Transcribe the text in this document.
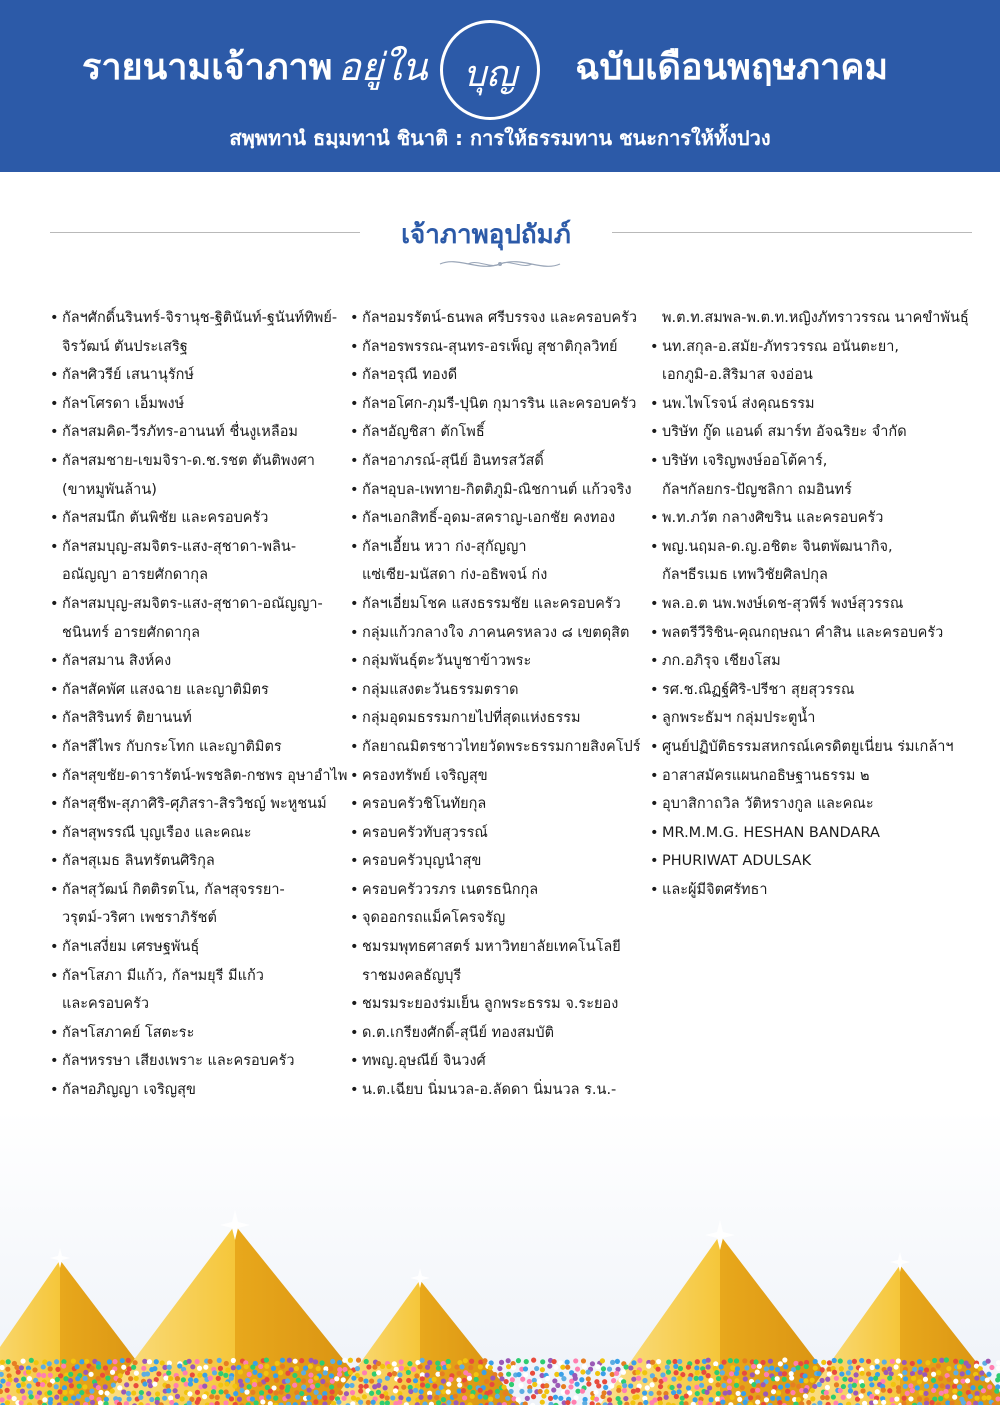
รายนามเจ้าภาพ อยู่ใน บุญ	ฉบับเดือนพฤษภาคม
สพฺพทานํ ธมฺมทานํ ชินาติ : การให้ธรรมทาน ชนะการให้ทั้งปวง
เจ้าภาพอุปถัมภ์
• กัลฯศักดิ์นรินทร์-จิรานุช-ฐิตินันท์-ฐนันท์ทิพย์-
จิรวัฒน์ ตันประเสริฐ
• กัลฯศิวรีย์ เสนานุรักษ์
• กัลฯโศรดา เอ็มพงษ์
• กัลฯสมคิด-วีรภัทร-อานนท์ ชื่นงูเหลือม
• กัลฯสมชาย-เขมจิรา-ด.ช.รชต ตันติพงศา
(ขาหมูพันล้าน)
• กัลฯสมนึก ตันพิชัย และครอบครัว
• กัลฯสมบุญ-สมจิตร-แสง-สุชาดา-พลิน-
อณัญญา อารยศักดากุล
• กัลฯสมบุญ-สมจิตร-แสง-สุชาดา-อณัญญา-
ชนินทร์ อารยศักดากุล
• กัลฯสมาน สิงห์คง
• กัลฯสัคพัศ แสงฉาย และญาติมิตร
• กัลฯสิรินทร์ ติยานนท์
• กัลฯสีไพร กับกระโทก และญาติมิตร
• กัลฯสุขชัย-ดารารัตน์-พรชลิต-กชพร อุษาอำไพ
• กัลฯสุชีพ-สุภาศิริ-ศุภิสรา-สิรวิชญ์ พะหูชนม์
• กัลฯสุพรรณี บุญเรือง และคณะ
• กัลฯสุเมธ ลินทรัตนศิริกุล
• กัลฯสุวัฒน์ กิตติรตโน, กัลฯสุจรรยา-
วรุตม์-วริศา เพชราภิรัชต์
• กัลฯเสงี่ยม เศรษฐพันธุ์
• กัลฯโสภา มีแก้ว, กัลฯมยุรี มีแก้ว
และครอบครัว
• กัลฯโสภาคย์ โสตะระ
• กัลฯหรรษา เสียงเพราะ และครอบครัว
• กัลฯอภิญญา เจริญสุข
• กัลฯอมรรัตน์-ธนพล ศรีบรรจง และครอบครัว
• กัลฯอรพรรณ-สุนทร-อรเพ็ญ สุชาติกุลวิทย์
• กัลฯอรุณี ทองดี
• กัลฯอโศก-ภุมรี-ปุนิต กุมารริน และครอบครัว
• กัลฯอัญชิสา ตักโพธิ์
• กัลฯอาภรณ์-สุนีย์ อินทรสวัสดิ์
• กัลฯอุบล-เพทาย-กิตติภูมิ-ณิชกานต์ แก้วจริง
• กัลฯเอกสิทธิ์-อุดม-สคราญ-เอกชัย คงทอง
• กัลฯเอี้ยน หวา ก่ง-สุกัญญา
แซ่เซีย-มนัสดา ก่ง-อธิพจน์ ก่ง
• กัลฯเอี่ยมโชค แสงธรรมชัย และครอบครัว
• กลุ่มแก้วกลางใจ ภาคนครหลวง ๘ เขตดุสิต
• กลุ่มพันธุ์ตะวันบูชาข้าวพระ
• กลุ่มแสงตะวันธรรมตราด
• กลุ่มอุดมธรรมกายไปที่สุดแห่งธรรม
• กัลยาณมิตรชาวไทยวัดพระธรรมกายสิงคโปร์
• ครองทรัพย์ เจริญสุข
• ครอบครัวชิโนทัยกุล
• ครอบครัวทับสุวรรณ์
• ครอบครัวบุญนำสุข
• ครอบครัววรภร เนตรธนิกกุล
• จุดออกรถแม็คโครจรัญ
• ชมรมพุทธศาสตร์ มหาวิทยาลัยเทคโนโลยี
ราชมงคลธัญบุรี
• ชมรมระยองร่มเย็น ลูกพระธรรม จ.ระยอง
• ด.ต.เกรียงศักดิ์-สุนีย์ ทองสมบัติ
• ทพญ.อุษณีย์ จินวงศ์
• น.ต.เฉียบ นิ่มนวล-อ.ลัดดา นิ่มนวล ร.น.-
พ.ต.ท.สมพล-พ.ต.ท.หญิงภัทราวรรณ นาคขำพันธุ์
• นท.สกุล-อ.สมัย-ภัทรวรรณ อนันตะยา,
เอกภูมิ-อ.สิริมาส จงอ่อน
• นพ.ไพโรจน์ ส่งคุณธรรม
• บริษัท กู๊ด แอนด์ สมาร์ท อัจฉริยะ จำกัด
• บริษัท เจริญพงษ์ออโต้คาร์,
กัลฯกัลยกร-ปัญชลิกา ถมอินทร์
• พ.ท.ภวัต กลางศิขริน และครอบครัว
• พญ.นฤมล-ด.ญ.อชิตะ จินตพัฒนากิจ,
กัลฯธีรเมธ เทพวิชัยศิลปกุล
• พล.อ.ต นพ.พงษ์เดช-สุวพีร์ พงษ์สุวรรณ
• พลตรีวีริชิน-คุณกฤษณา คำสิน และครอบครัว
• ภก.อภิรุจ เชียงโสม
• รศ.ช.ณิฏฐ์ศิริ-ปรีชา สุยสุวรรณ
• ลูกพระธัมฯ กลุ่มประตูน้ำ
• ศูนย์ปฏิบัติธรรมสหกรณ์เครดิตยูเนี่ยน ร่มเกล้าฯ
• อาสาสมัครแผนกอธิษฐานธรรม ๒
• อุบาสิกาถวิล วัติหรางกูล และคณะ
• MR.M.M.G. HESHAN BANDARA
• PHURIWAT ADULSAK
• และผู้มีจิตศรัทธา
